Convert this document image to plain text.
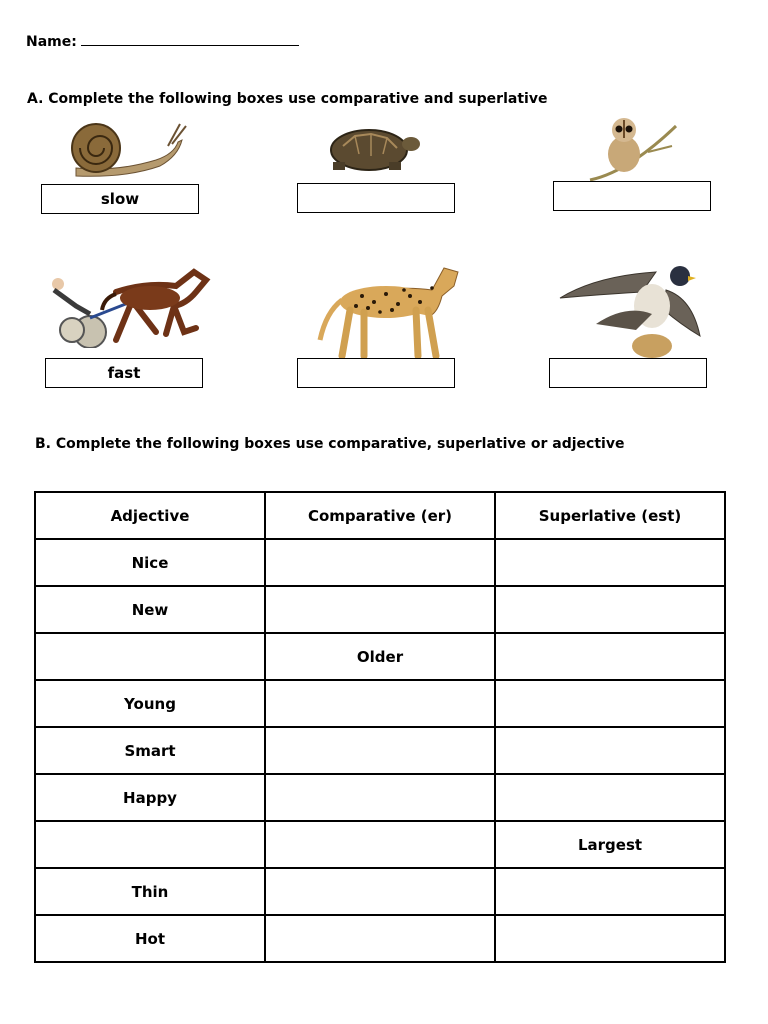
Name:
A. Complete the following boxes use comparative and superlative
slow
fast
B. Complete the following boxes use comparative, superlative or adjective
Adjective	Comparative (er)	Superlative (est)
Nice		
New		
	Older	
Young		
Smart		
Happy		
		Largest
Thin		
Hot		
